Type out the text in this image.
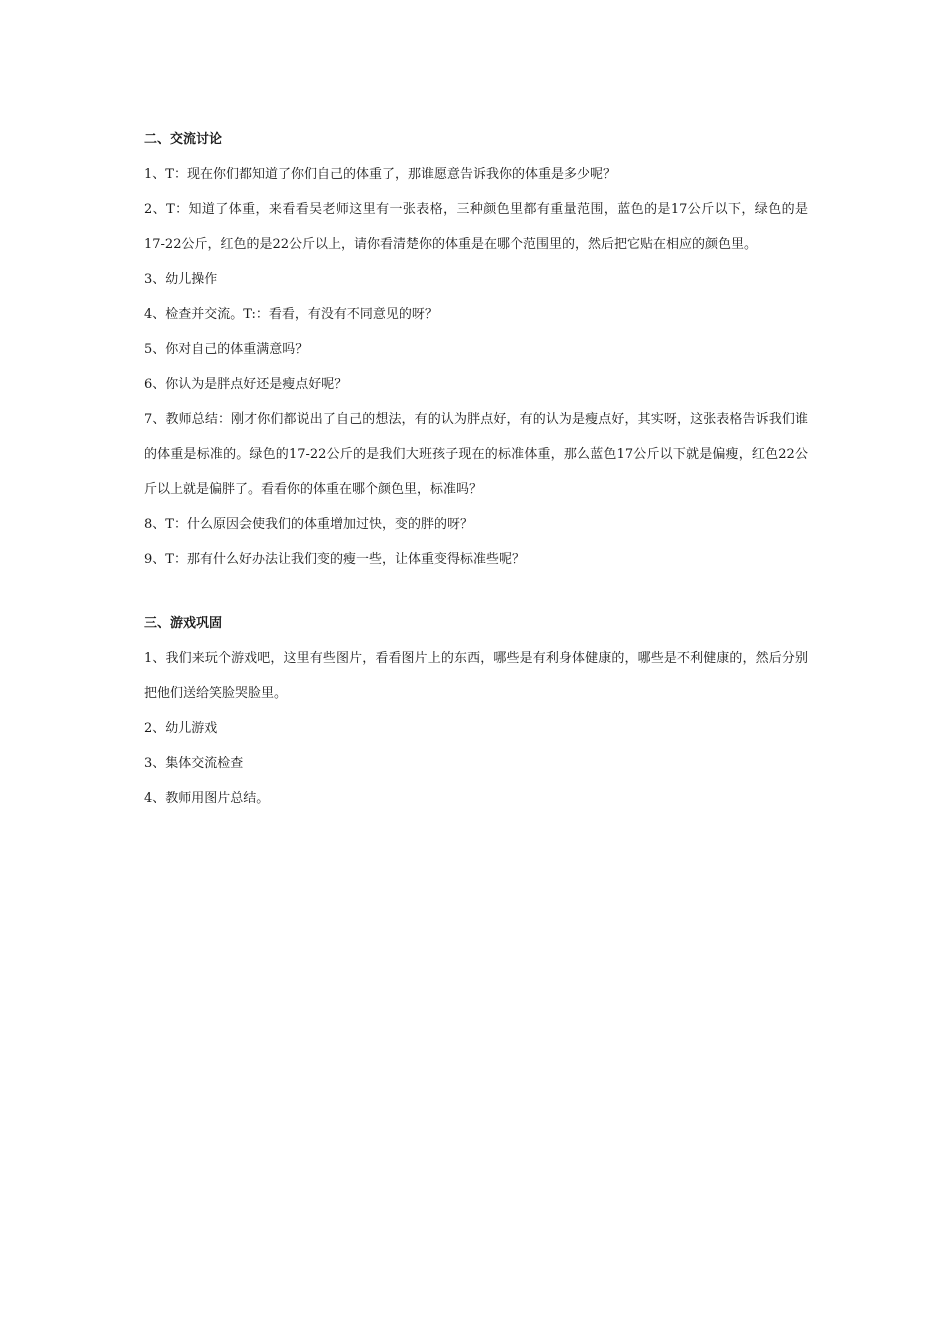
二、交流讨论

1、T：现在你们都知道了你们自己的体重了，那谁愿意告诉我你的体重是多少呢？

2、T：知道了体重，来看看吴老师这里有一张表格，三种颜色里都有重量范围，蓝色的是17公斤以下，绿色的是17-22公斤，红色的是22公斤以上，请你看清楚你的体重是在哪个范围里的，然后把它贴在相应的颜色里。

3、幼儿操作

4、检查并交流。T:：看看，有没有不同意见的呀？

5、你对自己的体重满意吗？

6、你认为是胖点好还是瘦点好呢？

7、教师总结：刚才你们都说出了自己的想法，有的认为胖点好，有的认为是瘦点好，其实呀，这张表格告诉我们谁的体重是标准的。绿色的17-22公斤的是我们大班孩子现在的标准体重，那么蓝色17公斤以下就是偏瘦，红色22公斤以上就是偏胖了。看看你的体重在哪个颜色里，标准吗？

8、T：什么原因会使我们的体重增加过快，变的胖的呀？

9、T：那有什么好办法让我们变的瘦一些，让体重变得标准些呢？

三、游戏巩固

1、我们来玩个游戏吧，这里有些图片，看看图片上的东西，哪些是有利身体健康的，哪些是不利健康的，然后分别把他们送给笑脸哭脸里。

2、幼儿游戏

3、集体交流检查

4、教师用图片总结。
